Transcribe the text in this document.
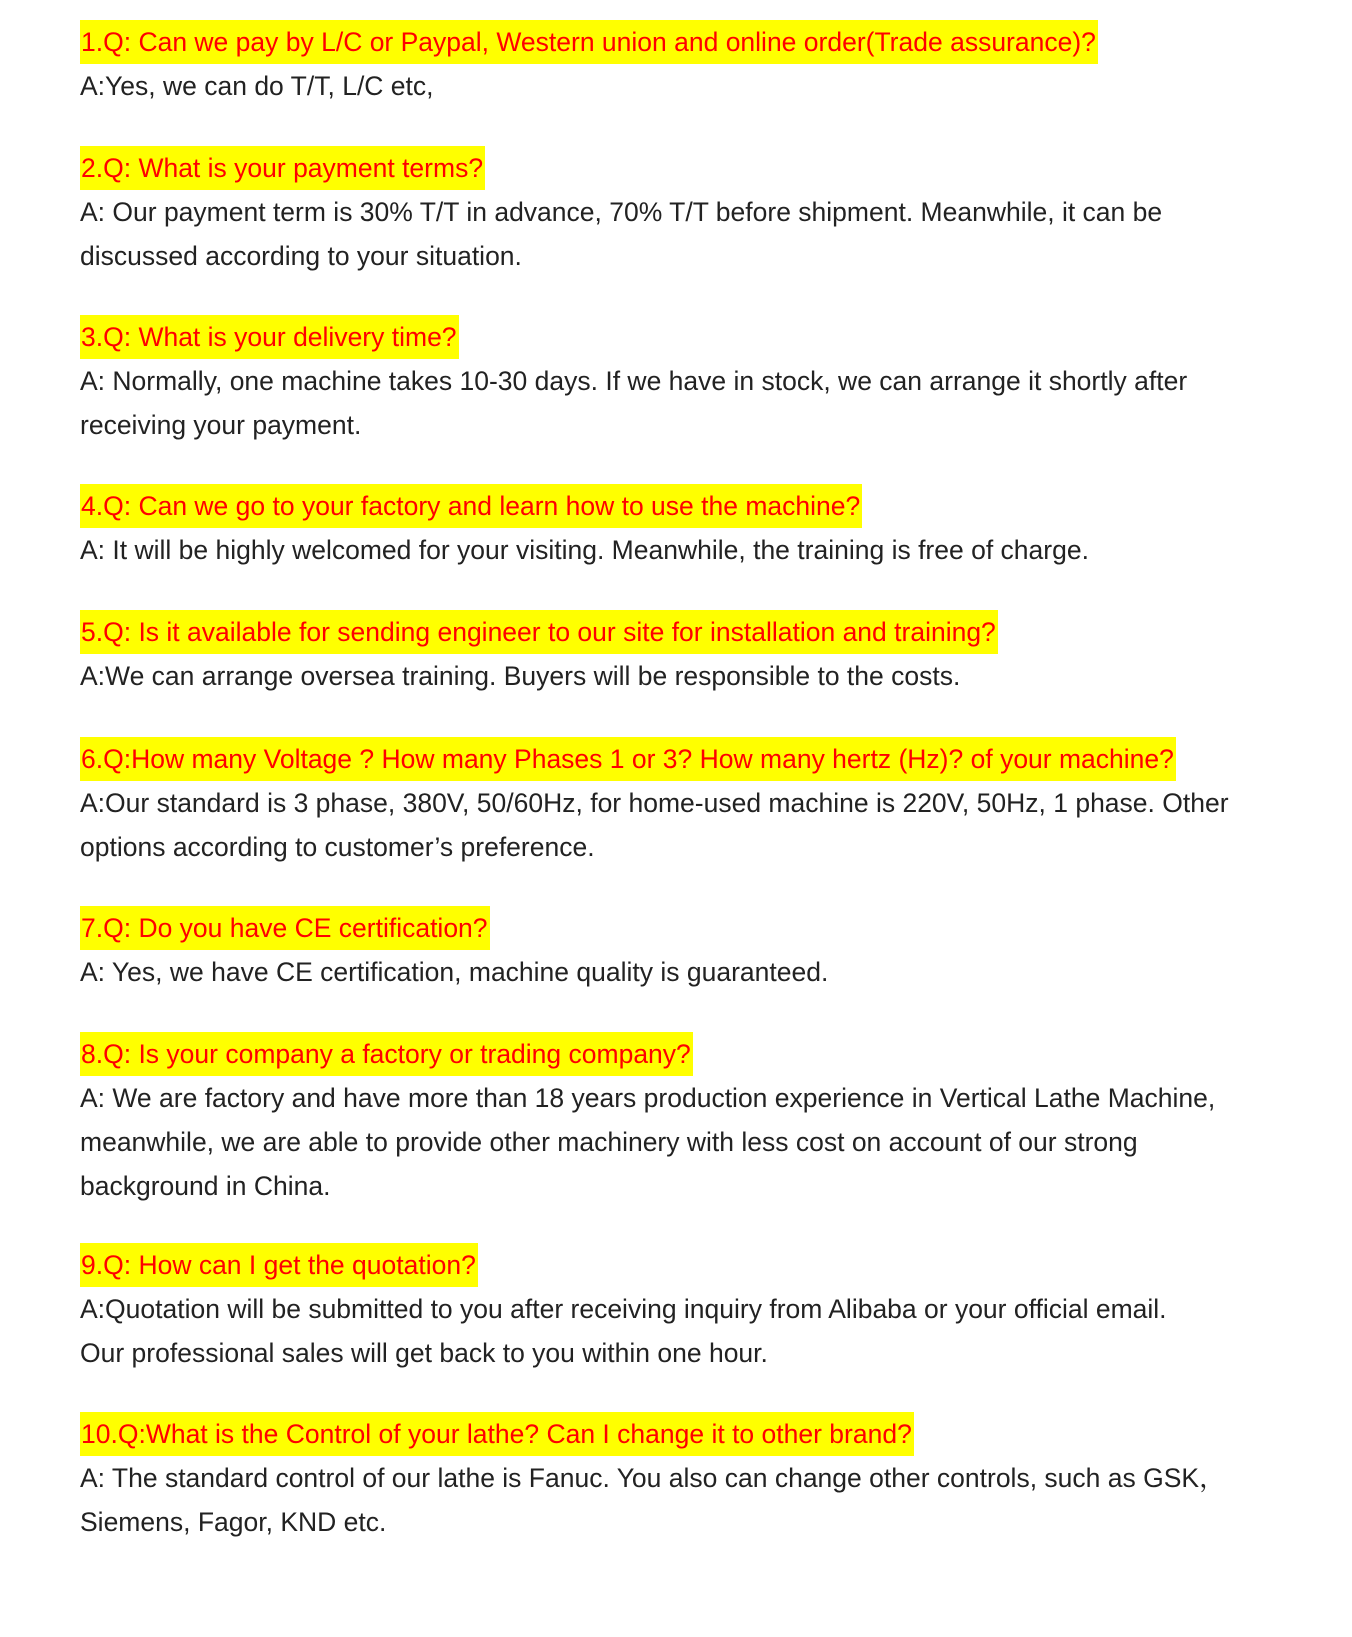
1.Q: Can we pay by L/C or Paypal, Western union and online order(Trade assurance)?

A:Yes, we can do T/T, L/C etc,

2.Q: What is your payment terms?

A: Our payment term is 30% T/T in advance, 70% T/T before shipment. Meanwhile, it can be

discussed according to your situation.

3.Q: What is your delivery time?

A: Normally, one machine takes 10-30 days. If we have in stock, we can arrange it shortly after

receiving your payment.

4.Q: Can we go to your factory and learn how to use the machine?

A: It will be highly welcomed for your visiting. Meanwhile, the training is free of charge.

5.Q: Is it available for sending engineer to our site for installation and training?

A:We can arrange oversea training. Buyers will be responsible to the costs.

6.Q:How many Voltage ? How many Phases 1 or 3? How many hertz (Hz)? of your machine?

A:Our standard is 3 phase, 380V, 50/60Hz, for home-used machine is 220V, 50Hz, 1 phase. Other

options according to customer’s preference.

7.Q: Do you have CE certification?

A: Yes, we have CE certification, machine quality is guaranteed.

8.Q: Is your company a factory or trading company?

A: We are factory and have more than 18 years production experience in Vertical Lathe Machine,

meanwhile, we are able to provide other machinery with less cost on account of our strong

background in China.

9.Q: How can I get the quotation?

A:Quotation will be submitted to you after receiving inquiry from Alibaba or your official email.

Our professional sales will get back to you within one hour.

10.Q:What is the Control of your lathe? Can I change it to other brand?

A: The standard control of our lathe is Fanuc. You also can change other controls, such as GSK，

Siemens, Fagor, KND etc.
